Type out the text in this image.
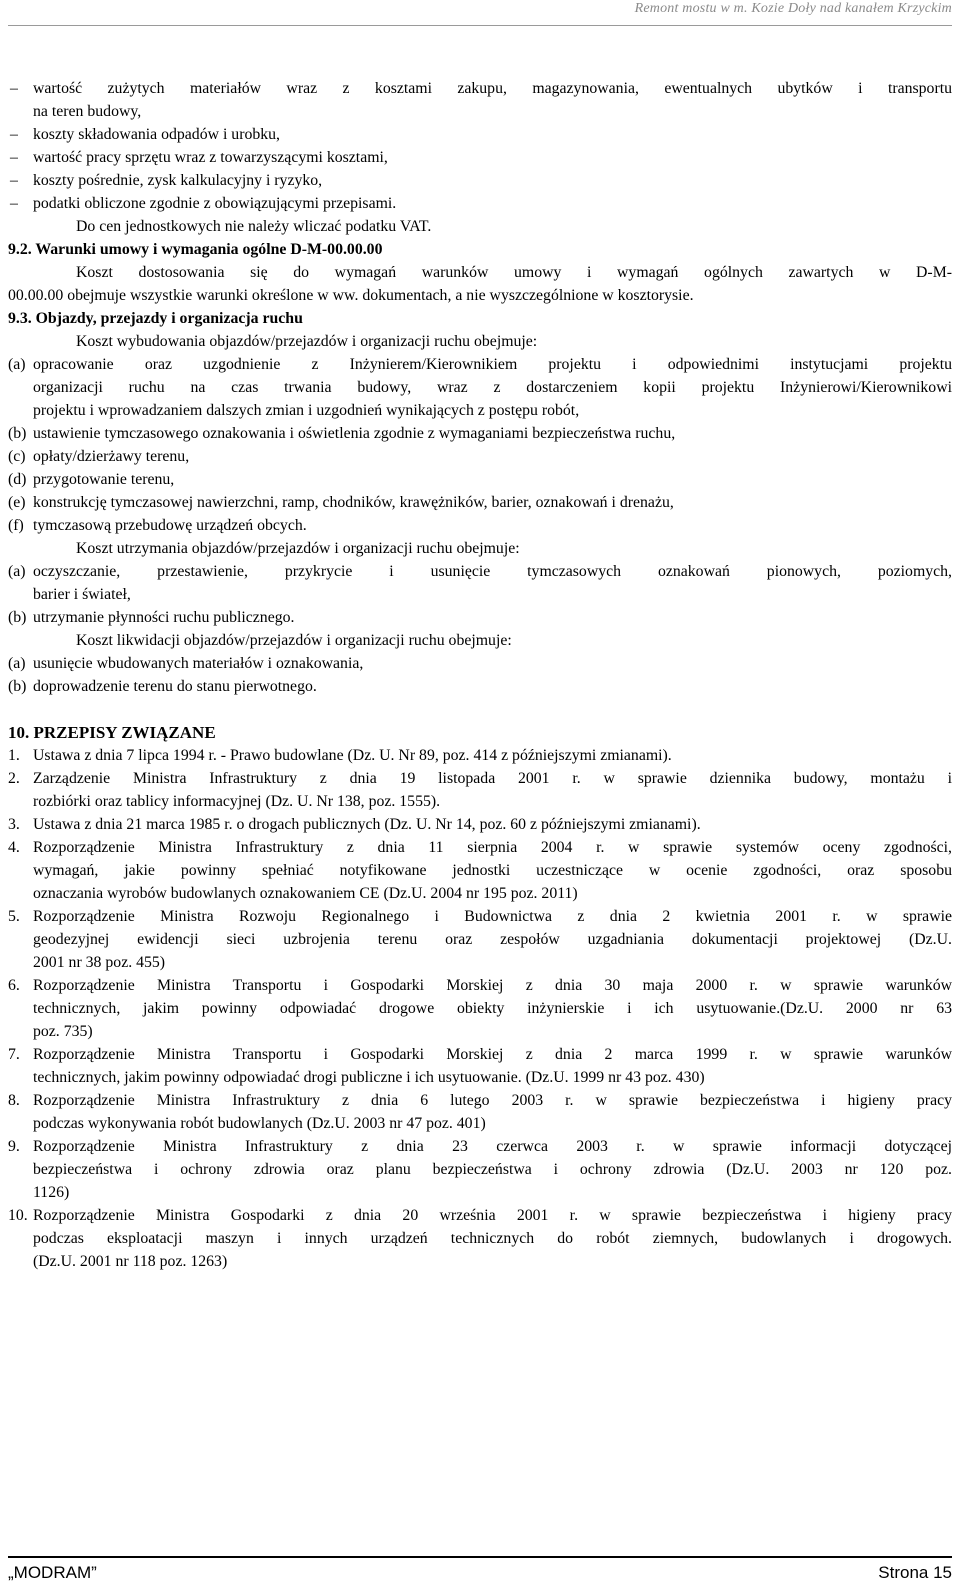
Remont mostu w m. Kozie Doły nad kanałem Krzyckim
– wartość zużytych materiałów wraz z kosztami zakupu, magazynowania, ewentualnych ubytków i transportu
na teren budowy,
– koszty składowania odpadów i urobku,
– wartość pracy sprzętu wraz z towarzyszącymi kosztami,
– koszty pośrednie, zysk kalkulacyjny i ryzyko,
– podatki obliczone zgodnie z obowiązującymi przepisami.
Do cen jednostkowych nie należy wliczać podatku VAT.
9.2. Warunki umowy i wymagania ogólne D-M-00.00.00
Koszt dostosowania się do wymagań warunków umowy i wymagań ogólnych zawartych w D-M-
00.00.00 obejmuje wszystkie warunki określone w ww. dokumentach, a nie wyszczególnione w kosztorysie.
9.3. Objazdy, przejazdy i organizacja ruchu
Koszt wybudowania objazdów/przejazdów i organizacji ruchu obejmuje:
(a) opracowanie oraz uzgodnienie z Inżynierem/Kierownikiem projektu i odpowiednimi instytucjami projektu
organizacji ruchu na czas trwania budowy, wraz z dostarczeniem kopii projektu Inżynierowi/Kierownikowi
projektu i wprowadzaniem dalszych zmian i uzgodnień wynikających z postępu robót,
(b) ustawienie tymczasowego oznakowania i oświetlenia zgodnie z wymaganiami bezpieczeństwa ruchu,
(c) opłaty/dzierżawy terenu,
(d) przygotowanie terenu,
(e) konstrukcję tymczasowej nawierzchni, ramp, chodników, krawężników, barier, oznakowań i drenażu,
(f) tymczasową przebudowę urządzeń obcych.
Koszt utrzymania objazdów/przejazdów i organizacji ruchu obejmuje:
(a) oczyszczanie, przestawienie, przykrycie i usunięcie tymczasowych oznakowań pionowych, poziomych,
barier i świateł,
(b) utrzymanie płynności ruchu publicznego.
Koszt likwidacji objazdów/przejazdów i organizacji ruchu obejmuje:
(a) usunięcie wbudowanych materiałów i oznakowania,
(b) doprowadzenie terenu do stanu pierwotnego.
10. PRZEPISY ZWIĄZANE
1. Ustawa z dnia 7 lipca 1994 r. - Prawo budowlane (Dz. U. Nr 89, poz. 414 z późniejszymi zmianami).
2. Zarządzenie Ministra Infrastruktury z dnia 19 listopada 2001 r. w sprawie dziennika budowy, montażu i
rozbiórki oraz tablicy informacyjnej (Dz. U. Nr 138, poz. 1555).
3. Ustawa z dnia 21 marca 1985 r. o drogach publicznych (Dz. U. Nr 14, poz. 60 z późniejszymi zmianami).
4. Rozporządzenie Ministra Infrastruktury z dnia 11 sierpnia 2004 r. w sprawie systemów oceny zgodności,
wymagań, jakie powinny spełniać notyfikowane jednostki uczestniczące w ocenie zgodności, oraz sposobu
oznaczania wyrobów budowlanych oznakowaniem CE (Dz.U. 2004 nr 195 poz. 2011)
5. Rozporządzenie Ministra Rozwoju Regionalnego i Budownictwa z dnia 2 kwietnia 2001 r. w sprawie
geodezyjnej ewidencji sieci uzbrojenia terenu oraz zespołów uzgadniania dokumentacji projektowej (Dz.U.
2001 nr 38 poz. 455)
6. Rozporządzenie Ministra Transportu i Gospodarki Morskiej z dnia 30 maja 2000 r. w sprawie warunków
technicznych, jakim powinny odpowiadać drogowe obiekty inżynierskie i ich usytuowanie.(Dz.U. 2000 nr 63
poz. 735)
7. Rozporządzenie Ministra Transportu i Gospodarki Morskiej z dnia 2 marca 1999 r. w sprawie warunków
technicznych, jakim powinny odpowiadać drogi publiczne i ich usytuowanie. (Dz.U. 1999 nr 43 poz. 430)
8. Rozporządzenie Ministra Infrastruktury z dnia 6 lutego 2003 r. w sprawie bezpieczeństwa i higieny pracy
podczas wykonywania robót budowlanych (Dz.U. 2003 nr 47 poz. 401)
9. Rozporządzenie Ministra Infrastruktury z dnia 23 czerwca 2003 r. w sprawie informacji dotyczącej
bezpieczeństwa i ochrony zdrowia oraz planu bezpieczeństwa i ochrony zdrowia (Dz.U. 2003 nr 120 poz.
1126)
10. Rozporządzenie Ministra Gospodarki z dnia 20 września 2001 r. w sprawie bezpieczeństwa i higieny pracy
podczas eksploatacji maszyn i innych urządzeń technicznych do robót ziemnych, budowlanych i drogowych.
(Dz.U. 2001 nr 118 poz. 1263)
„MODRAM”	Strona 15
